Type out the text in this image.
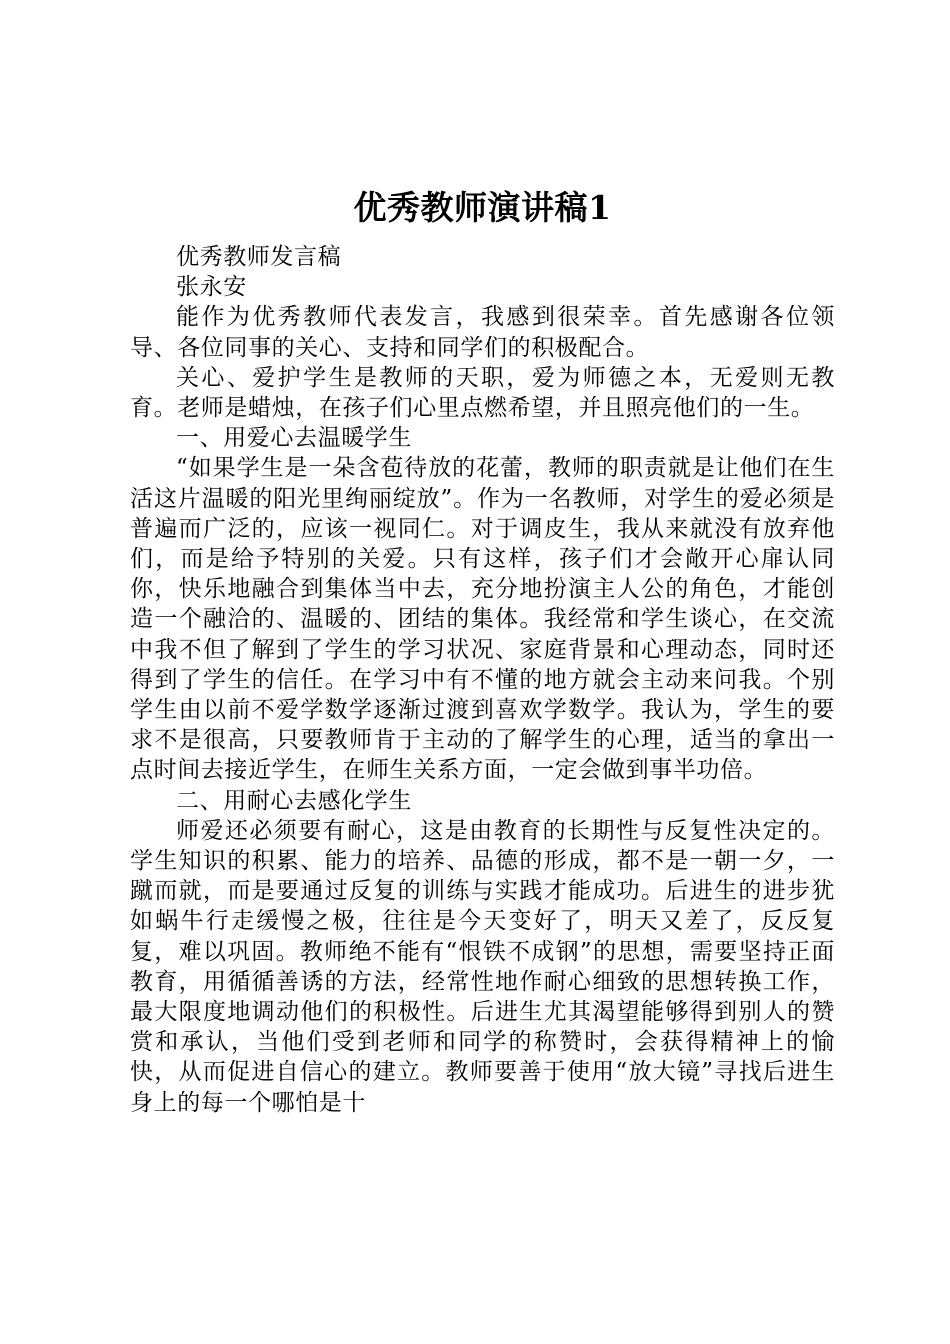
优秀教师演讲稿1

优秀教师发言稿

张永安

能作为优秀教师代表发言，我感到很荣幸。首先感谢各位领导、各位同事的关心、支持和同学们的积极配合。

关心、爱护学生是教师的天职，爱为师德之本，无爱则无教育。老师是蜡烛，在孩子们心里点燃希望，并且照亮他们的一生。

一、用爱心去温暖学生

“如果学生是一朵含苞待放的花蕾，教师的职责就是让他们在生活这片温暖的阳光里绚丽绽放”。作为一名教师，对学生的爱必须是普遍而广泛的，应该一视同仁。对于调皮生，我从来就没有放弃他们，而是给予特别的关爱。只有这样，孩子们才会敞开心扉认同你，快乐地融合到集体当中去，充分地扮演主人公的角色，才能创造一个融洽的、温暖的、团结的集体。我经常和学生谈心，在交流中我不但了解到了学生的学习状况、家庭背景和心理动态，同时还得到了学生的信任。在学习中有不懂的地方就会主动来问我。个别学生由以前不爱学数学逐渐过渡到喜欢学数学。我认为，学生的要求不是很高，只要教师肯于主动的了解学生的心理，适当的拿出一点时间去接近学生，在师生关系方面，一定会做到事半功倍。

二、用耐心去感化学生

师爱还必须要有耐心，这是由教育的长期性与反复性决定的。学生知识的积累、能力的培养、品德的形成，都不是一朝一夕，一蹴而就，而是要通过反复的训练与实践才能成功。后进生的进步犹如蜗牛行走缓慢之极，往往是今天变好了，明天又差了，反反复复，难以巩固。教师绝不能有“恨铁不成钢”的思想，需要坚持正面教育，用循循善诱的方法，经常性地作耐心细致的思想转换工作，最大限度地调动他们的积极性。后进生尤其渴望能够得到别人的赞赏和承认，当他们受到老师和同学的称赞时，会获得精神上的愉快，从而促进自信心的建立。教师要善于使用“放大镜”寻找后进生身上的每一个哪怕是十
